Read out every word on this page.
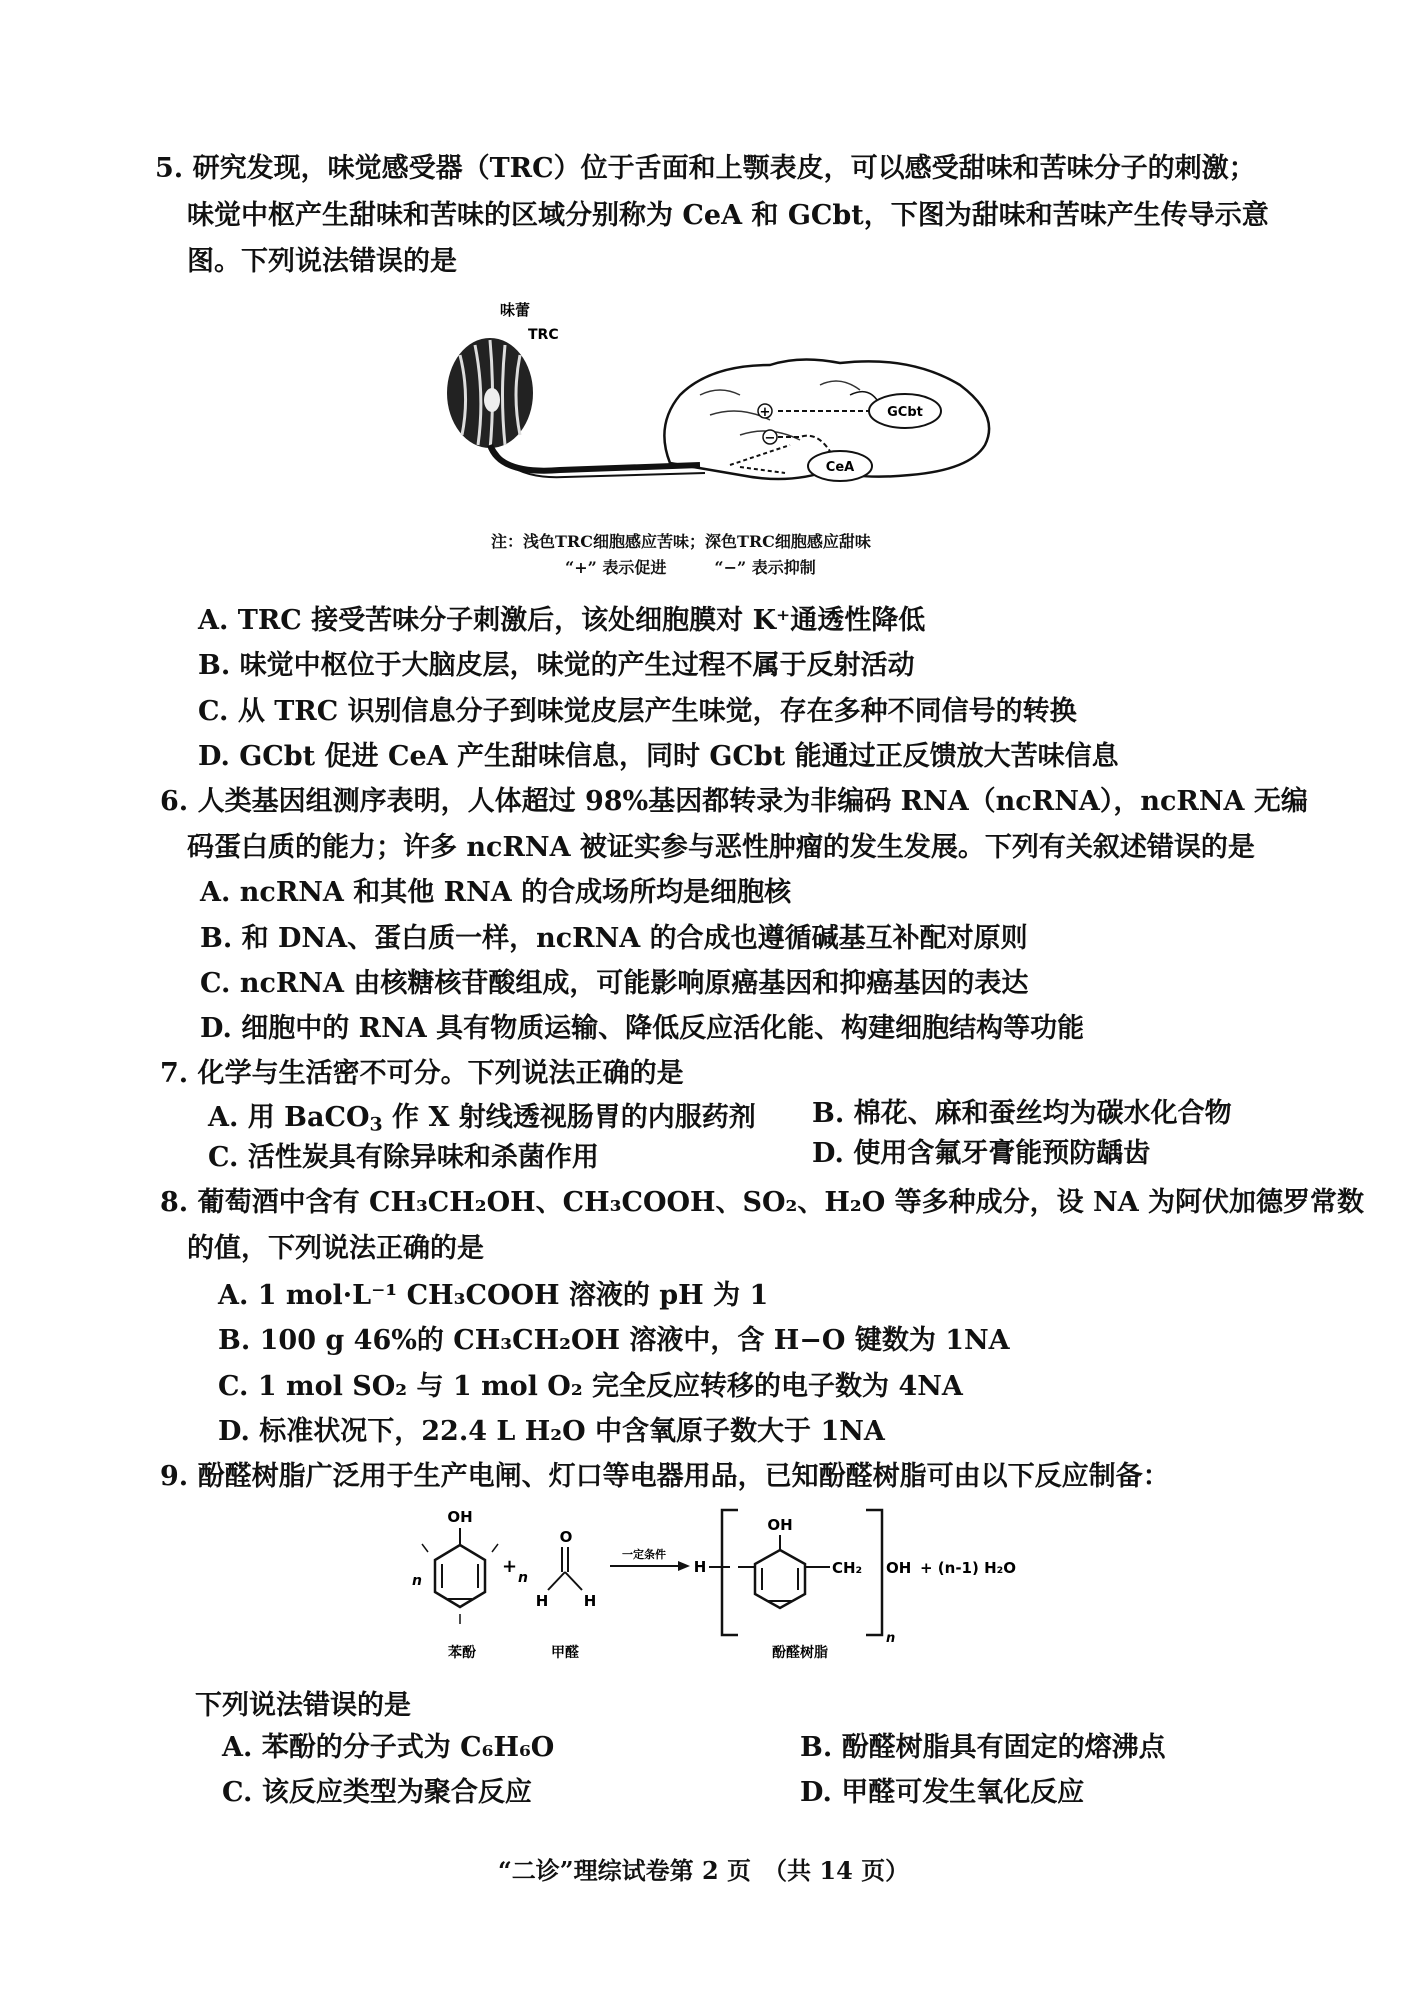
5. 研究发现，味觉感受器（TRC）位于舌面和上颚表皮，可以感受甜味和苦味分子的刺激；
味觉中枢产生甜味和苦味的区域分别称为 CeA 和 GCbt，下图为甜味和苦味产生传导示意
图。下列说法错误的是
味蕾
TRC
+
−
GCbt
CeA
注：浅色TRC细胞感应苦味；深色TRC细胞感应甜味
“+” 表示促进　　　“−” 表示抑制
A. TRC 接受苦味分子刺激后，该处细胞膜对 K⁺通透性降低
B. 味觉中枢位于大脑皮层，味觉的产生过程不属于反射活动
C. 从 TRC 识别信息分子到味觉皮层产生味觉，存在多种不同信号的转换
D. GCbt 促进 CeA 产生甜味信息，同时 GCbt 能通过正反馈放大苦味信息
6. 人类基因组测序表明，人体超过 98%基因都转录为非编码 RNA（ncRNA），ncRNA 无编
码蛋白质的能力；许多 ncRNA 被证实参与恶性肿瘤的发生发展。下列有关叙述错误的是
A. ncRNA 和其他 RNA 的合成场所均是细胞核
B. 和 DNA、蛋白质一样，ncRNA 的合成也遵循碱基互补配对原则
C. ncRNA 由核糖核苷酸组成，可能影响原癌基因和抑癌基因的表达
D. 细胞中的 RNA 具有物质运输、降低反应活化能、构建细胞结构等功能
7. 化学与生活密不可分。下列说法正确的是
A. 用 BaCO$_3$ 作 X 射线透视肠胃的内服药剂 B. 棉花、麻和蚕丝均为碳水化合物
C. 活性炭具有除异味和杀菌作用	D. 使用含氟牙膏能预防龋齿
8. 葡萄酒中含有 CH₃CH₂OH、CH₃COOH、SO₂、H₂O 等多种成分，设 NA 为阿伏加德罗常数
的值，下列说法正确的是
A. 1 mol·L⁻¹ CH₃COOH 溶液的 pH 为 1
B. 100 g 46%的 CH₃CH₂OH 溶液中，含 H−O 键数为 1NA
C. 1 mol SO₂ 与 1 mol O₂ 完全反应转移的电子数为 4NA
D. 标准状况下，22.4 L H₂O 中含氧原子数大于 1NA
9. 酚醛树脂广泛用于生产电闸、灯口等电器用品，已知酚醛树脂可由以下反应制备：
OH
n
+
苯酚
n
O
H H
甲醛
一定条件
H
OH
CH₂
n
OH + (n-1) H₂O
酚醛树脂
下列说法错误的是
A. 苯酚的分子式为 C₆H₆O	B. 酚醛树脂具有固定的熔沸点
C. 该反应类型为聚合反应	D. 甲醛可发生氧化反应
“二诊”理综试卷第 2 页　（共 14 页）
